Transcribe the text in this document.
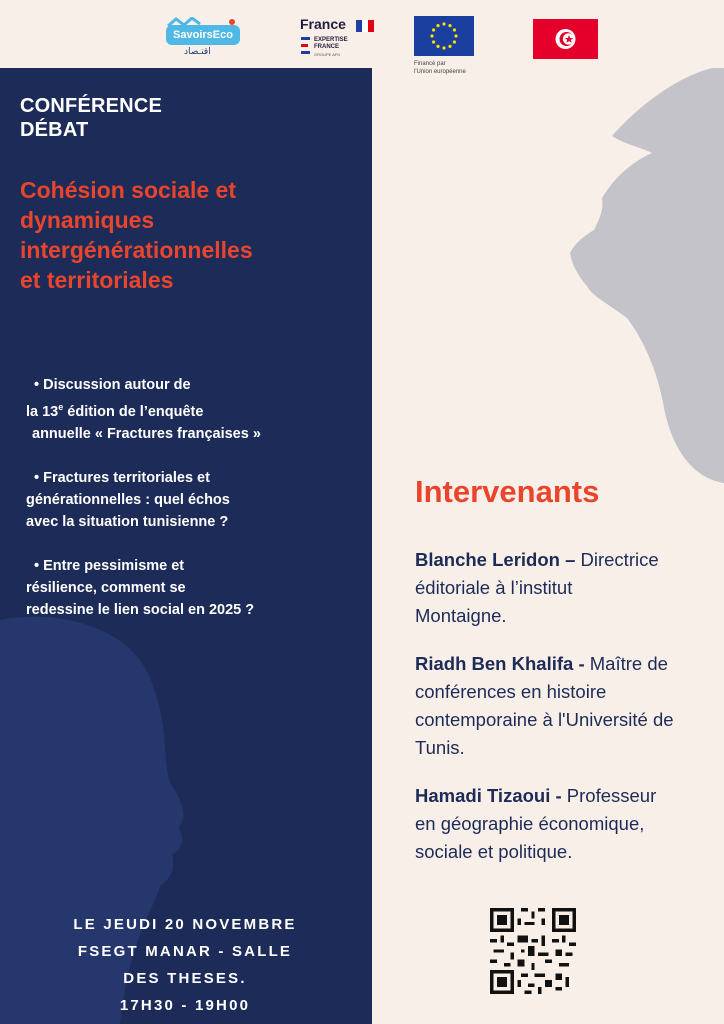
SavoirsEco
اقتـصاد
France
EXPERTISE
FRANCE
GROUPE AFD
Financé par
l'Union européenne
CONFÉRENCE
DÉBAT
Cohésion sociale et
dynamiques
intergénérationnelles
et territoriales
• Discussion autour de
la 13e édition de l’enquête
annuelle « Fractures françaises »
• Fractures territoriales et
générationnelles : quel échos
avec la situation tunisienne ?
• Entre pessimisme et
résilience, comment se
redessine le lien social en 2025 ?
LE JEUDI 20 NOVEMBRE
FSEGT MANAR - SALLE
DES THESES.
17H30 - 19H00
Intervenants
Blanche Leridon – Directrice
éditoriale à l’institut
Montaigne.
Riadh Ben Khalifa - Maître de
conférences en histoire
contemporaine à l'Université de
Tunis.
Hamadi Tizaoui - Professeur
en géographie économique,
sociale et politique.
